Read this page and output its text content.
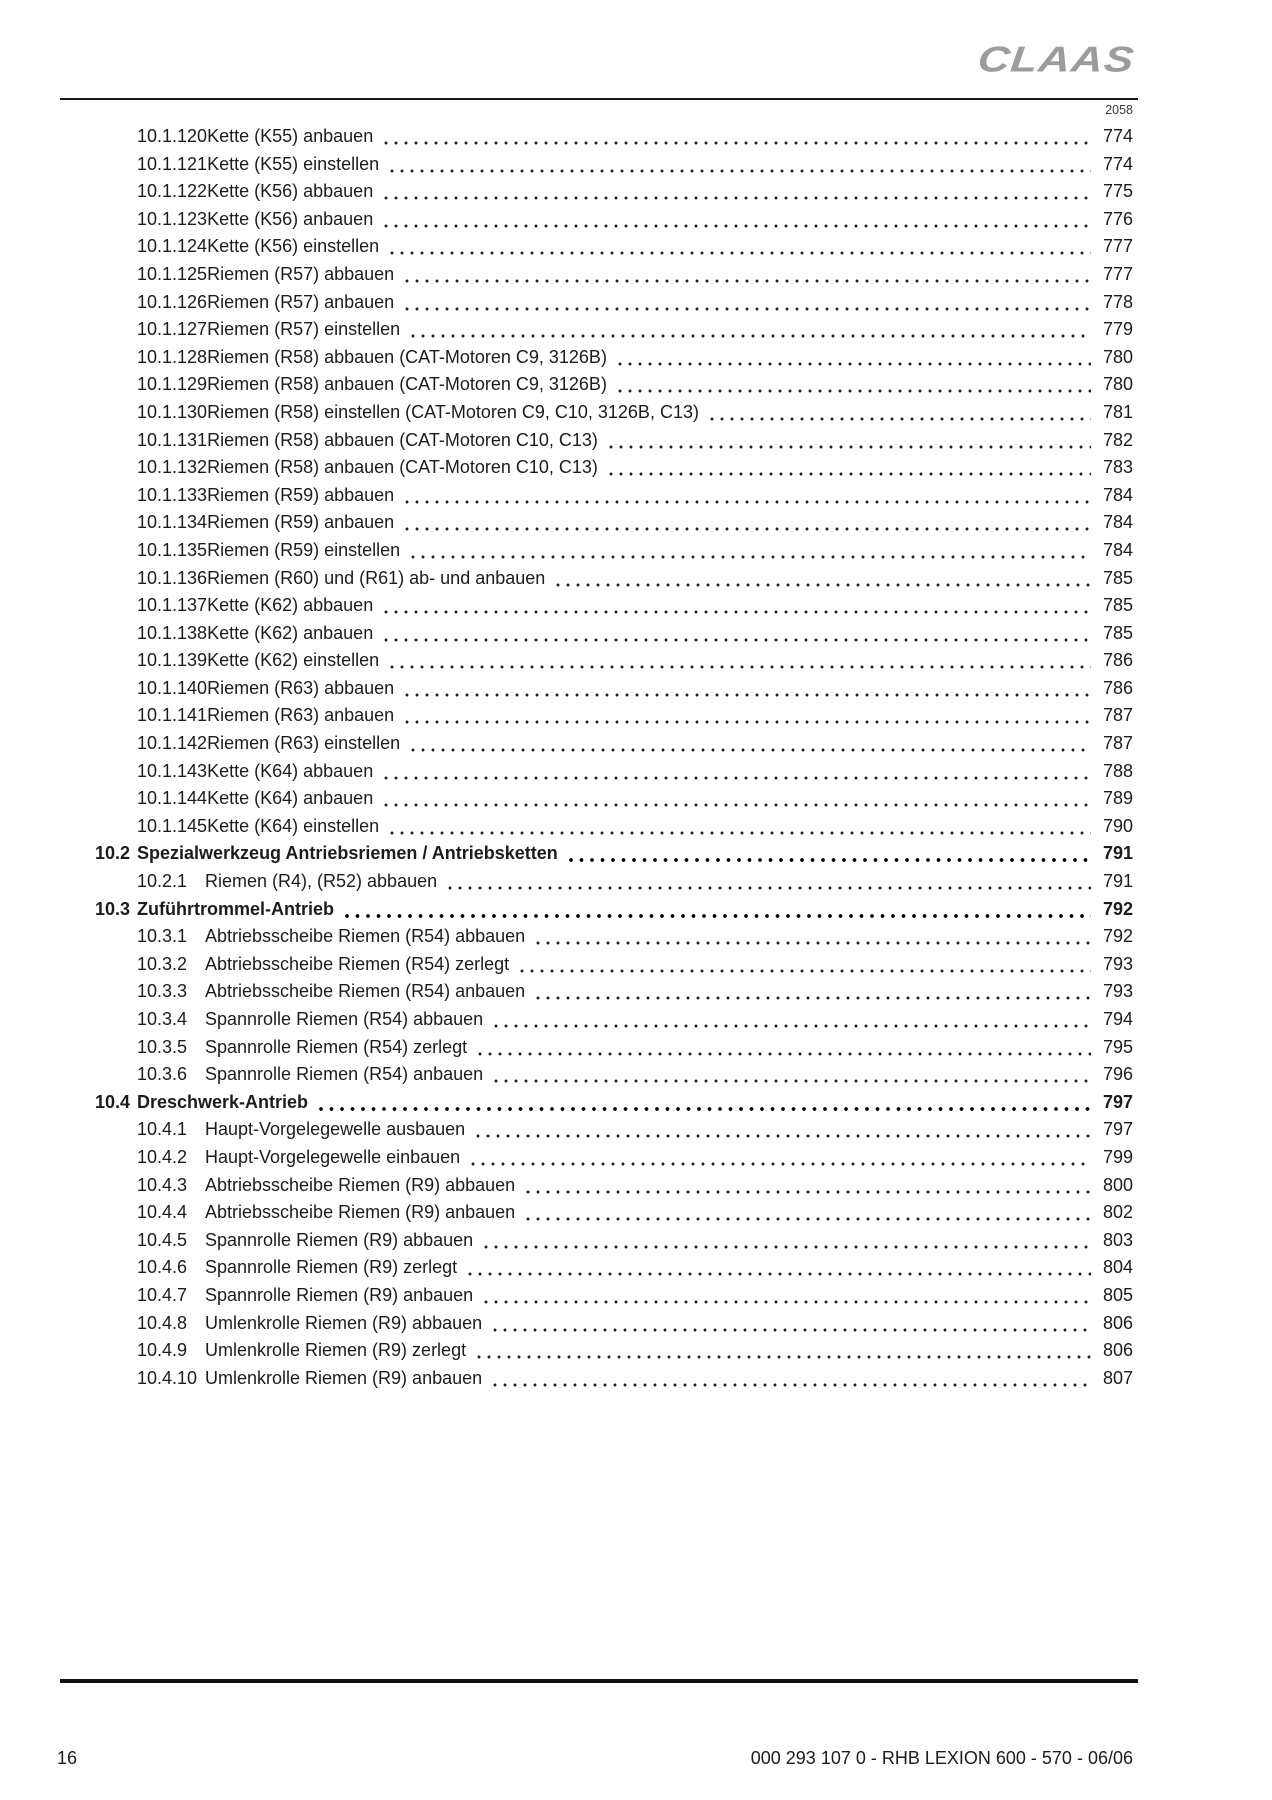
CLAAS
2058
10.1.120 Kette (K55) anbauen	774
10.1.121 Kette (K55) einstellen	774
10.1.122 Kette (K56) abbauen	775
10.1.123 Kette (K56) anbauen	776
10.1.124 Kette (K56) einstellen	777
10.1.125 Riemen (R57) abbauen	777
10.1.126 Riemen (R57) anbauen	778
10.1.127 Riemen (R57) einstellen	779
10.1.128 Riemen (R58) abbauen (CAT-Motoren C9, 3126B)	780
10.1.129 Riemen (R58) anbauen (CAT-Motoren C9, 3126B)	780
10.1.130 Riemen (R58) einstellen (CAT-Motoren C9, C10, 3126B, C13)	781
10.1.131 Riemen (R58) abbauen (CAT-Motoren C10, C13)	782
10.1.132 Riemen (R58) anbauen (CAT-Motoren C10, C13)	783
10.1.133 Riemen (R59) abbauen	784
10.1.134 Riemen (R59) anbauen	784
10.1.135 Riemen (R59) einstellen	784
10.1.136 Riemen (R60) und (R61) ab- und anbauen	785
10.1.137 Kette (K62) abbauen	785
10.1.138 Kette (K62) anbauen	785
10.1.139 Kette (K62) einstellen	786
10.1.140 Riemen (R63) abbauen	786
10.1.141 Riemen (R63) anbauen	787
10.1.142 Riemen (R63) einstellen	787
10.1.143 Kette (K64) abbauen	788
10.1.144 Kette (K64) anbauen	789
10.1.145 Kette (K64) einstellen	790
10.2 Spezialwerkzeug Antriebsriemen / Antriebsketten	791
10.2.1 Riemen (R4), (R52) abbauen	791
10.3 Zuführtrommel-Antrieb	792
10.3.1 Abtriebsscheibe Riemen (R54) abbauen	792
10.3.2 Abtriebsscheibe Riemen (R54) zerlegt	793
10.3.3 Abtriebsscheibe Riemen (R54) anbauen	793
10.3.4 Spannrolle Riemen (R54) abbauen	794
10.3.5 Spannrolle Riemen (R54) zerlegt	795
10.3.6 Spannrolle Riemen (R54) anbauen	796
10.4 Dreschwerk-Antrieb	797
10.4.1 Haupt-Vorgelegewelle ausbauen	797
10.4.2 Haupt-Vorgelegewelle einbauen	799
10.4.3 Abtriebsscheibe Riemen (R9) abbauen	800
10.4.4 Abtriebsscheibe Riemen (R9) anbauen	802
10.4.5 Spannrolle Riemen (R9) abbauen	803
10.4.6 Spannrolle Riemen (R9) zerlegt	804
10.4.7 Spannrolle Riemen (R9) anbauen	805
10.4.8 Umlenkrolle Riemen (R9) abbauen	806
10.4.9 Umlenkrolle Riemen (R9) zerlegt	806
10.4.10 Umlenkrolle Riemen (R9) anbauen	807
16	000 293 107 0 - RHB LEXION 600 - 570 - 06/06
